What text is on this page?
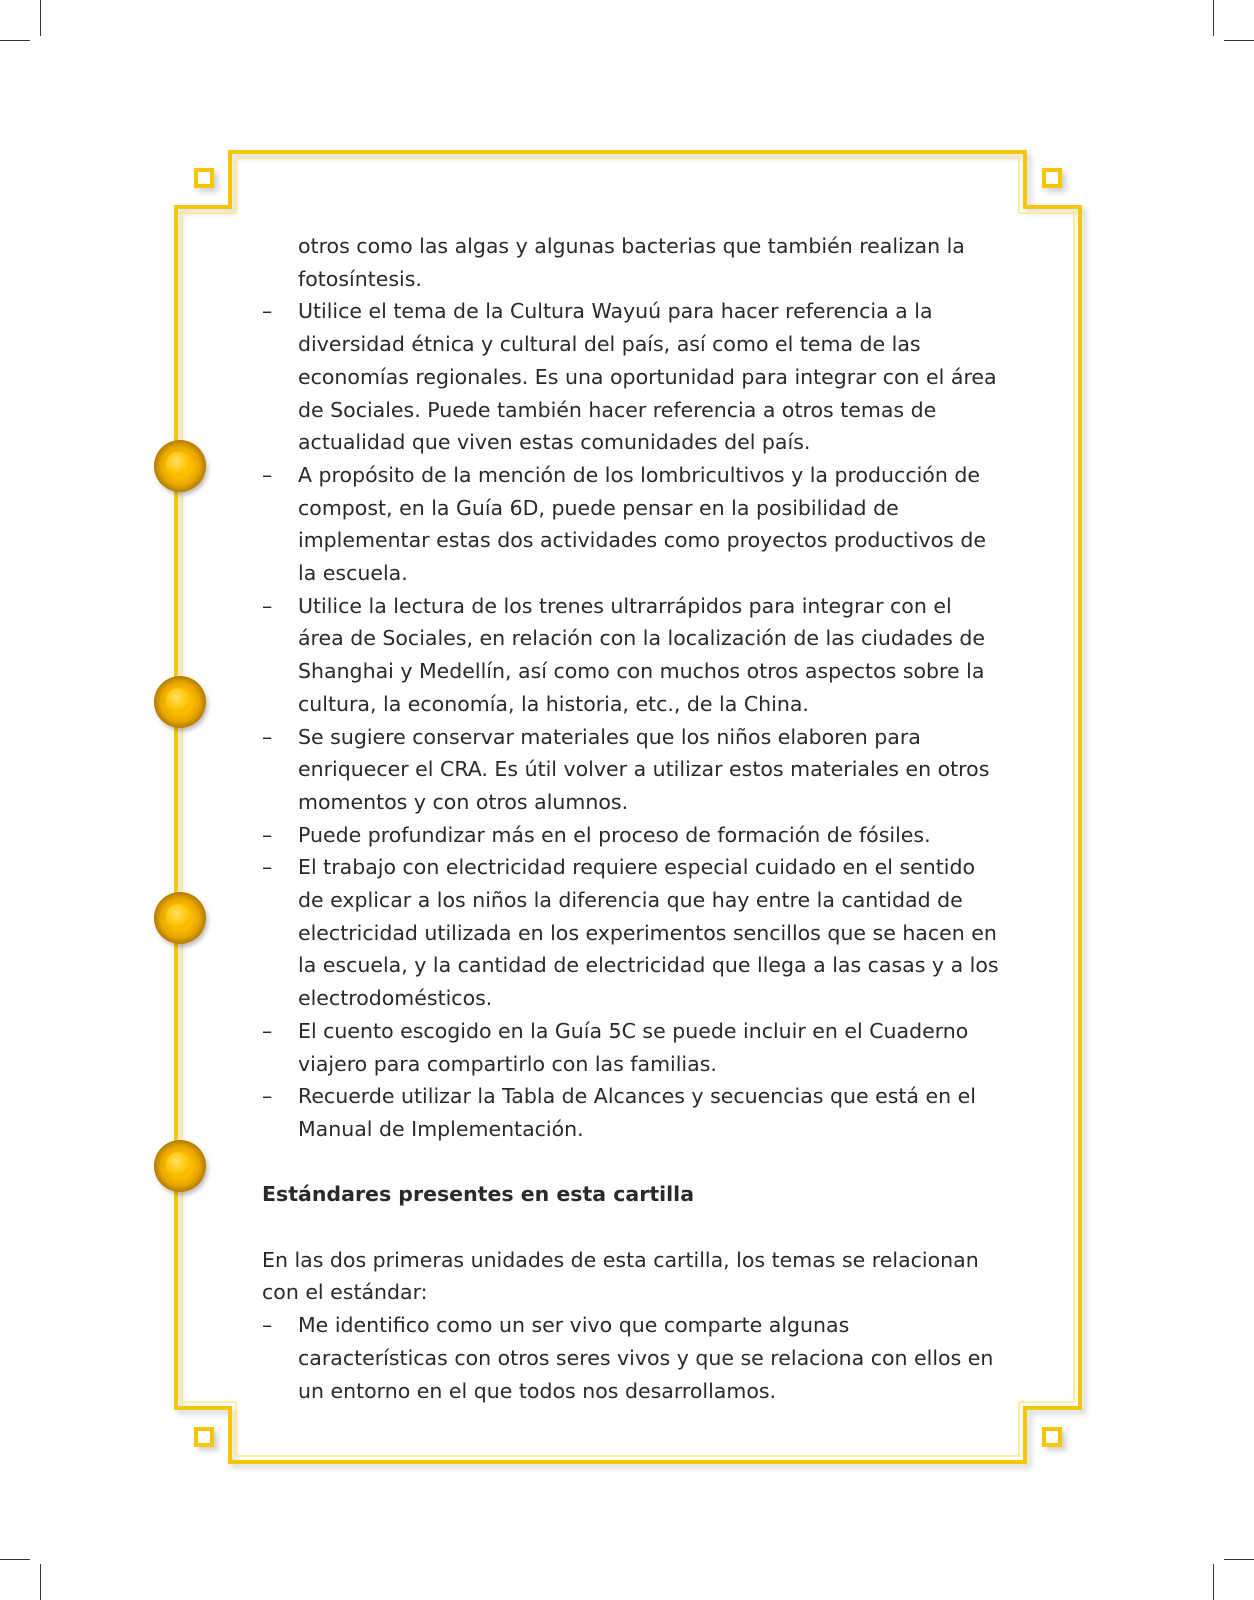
otros como las algas y algunas bacterias que también realizan la fotosíntesis.

– Utilice el tema de la Cultura Wayuú para hacer referencia a la diversidad étnica y cultural del país, así como el tema de las economías regionales. Es una oportunidad para integrar con el área de Sociales. Puede también hacer referencia a otros temas de actualidad que viven estas comunidades del país.

– A propósito de la mención de los lombricultivos y la producción de compost, en la Guía 6D, puede pensar en la posibilidad de implementar estas dos actividades como proyectos productivos de la escuela.

– Utilice la lectura de los trenes ultrarrápidos para integrar con el área de Sociales, en relación con la localización de las ciudades de Shanghai y Medellín, así como con muchos otros aspectos sobre la cultura, la economía, la historia, etc., de la China.

– Se sugiere conservar materiales que los niños elaboren para enriquecer el CRA. Es útil volver a utilizar estos materiales en otros momentos y con otros alumnos.

– Puede profundizar más en el proceso de formación de fósiles.

– El trabajo con electricidad requiere especial cuidado en el sentido de explicar a los niños la diferencia que hay entre la cantidad de electricidad utilizada en los experimentos sencillos que se hacen en la escuela, y la cantidad de electricidad que llega a las casas y a los electrodomésticos.

– El cuento escogido en la Guía 5C se puede incluir en el Cuaderno viajero para compartirlo con las familias.

– Recuerde utilizar la Tabla de Alcances y secuencias que está en el Manual de Implementación.

Estándares presentes en esta cartilla

En las dos primeras unidades de esta cartilla, los temas se relacionan con el estándar:

– Me identifico como un ser vivo que comparte algunas características con otros seres vivos y que se relaciona con ellos en un entorno en el que todos nos desarrollamos.
